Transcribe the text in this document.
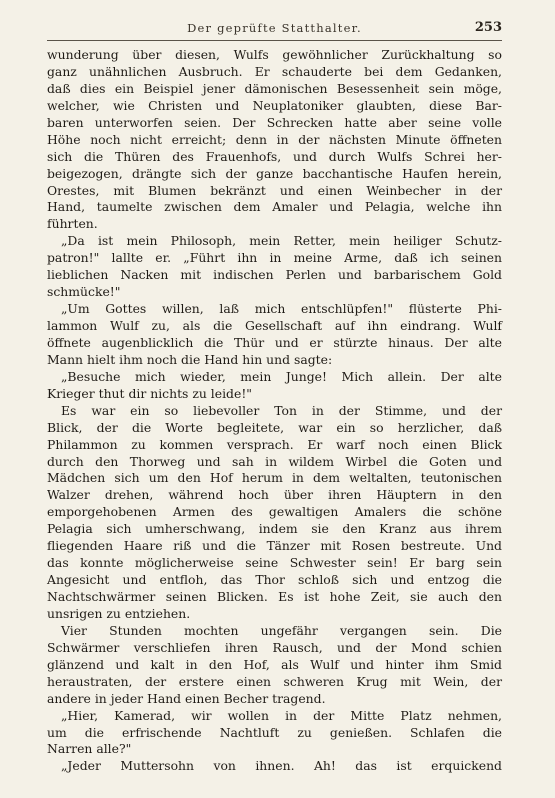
Der geprüfte Statthalter.	253
wunderung über diesen, Wulfs gewöhnlicher Zurückhaltung so
ganz unähnlichen Ausbruch. Er schauderte bei dem Gedanken,
daß dies ein Beispiel jener dämonischen Besessenheit sein möge,
welcher, wie Christen und Neuplatoniker glaubten, diese Bar-
baren unterworfen seien. Der Schrecken hatte aber seine volle
Höhe noch nicht erreicht; denn in der nächsten Minute öffneten
sich die Thüren des Frauenhofs, und durch Wulfs Schrei her-
beigezogen, drängte sich der ganze bacchantische Haufen herein,
Orestes, mit Blumen bekränzt und einen Weinbecher in der
Hand, taumelte zwischen dem Amaler und Pelagia, welche ihn
führten.
„Da ist mein Philosoph, mein Retter, mein heiliger Schutz-
patron!" lallte er. „Führt ihn in meine Arme, daß ich seinen
lieblichen Nacken mit indischen Perlen und barbarischem Gold
schmücke!"
„Um Gottes willen, laß mich entschlüpfen!" flüsterte Phi-
lammon Wulf zu, als die Gesellschaft auf ihn eindrang. Wulf
öffnete augenblicklich die Thür und er stürzte hinaus. Der alte
Mann hielt ihm noch die Hand hin und sagte:
„Besuche mich wieder, mein Junge! Mich allein. Der alte
Krieger thut dir nichts zu leide!"
Es war ein so liebevoller Ton in der Stimme, und der
Blick, der die Worte begleitete, war ein so herzlicher, daß
Philammon zu kommen versprach. Er warf noch einen Blick
durch den Thorweg und sah in wildem Wirbel die Goten und
Mädchen sich um den Hof herum in dem weltalten, teutonischen
Walzer drehen, während hoch über ihren Häuptern in den
emporgehobenen Armen des gewaltigen Amalers die schöne
Pelagia sich umherschwang, indem sie den Kranz aus ihrem
fliegenden Haare riß und die Tänzer mit Rosen bestreute. Und
das konnte möglicherweise seine Schwester sein! Er barg sein
Angesicht und entfloh, das Thor schloß sich und entzog die
Nachtschwärmer seinen Blicken. Es ist hohe Zeit, sie auch den
unsrigen zu entziehen.
Vier Stunden mochten ungefähr vergangen sein. Die
Schwärmer verschliefen ihren Rausch, und der Mond schien
glänzend und kalt in den Hof, als Wulf und hinter ihm Smid
heraustraten, der erstere einen schweren Krug mit Wein, der
andere in jeder Hand einen Becher tragend.
„Hier, Kamerad, wir wollen in der Mitte Platz nehmen,
um die erfrischende Nachtluft zu genießen. Schlafen die
Narren alle?"
„Jeder Muttersohn von ihnen. Ah! das ist erquickend
